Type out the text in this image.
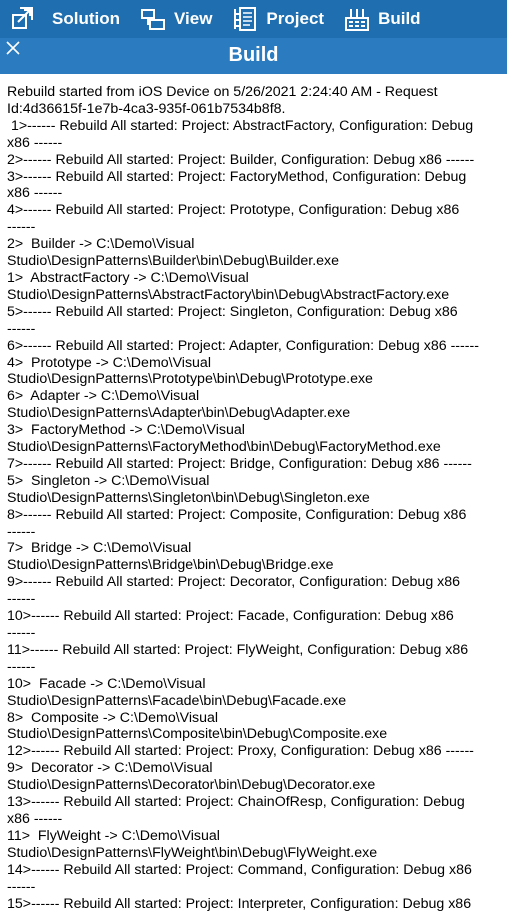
Solution	View	Project	Build
Build
Rebuild started from iOS Device on 5/26/2021 2:24:40 AM - Request
Id:4d36615f-1e7b-4ca3-935f-061b7534b8f8.
1>------ Rebuild All started: Project: AbstractFactory, Configuration: Debug
x86 ------
2>------ Rebuild All started: Project: Builder, Configuration: Debug x86 ------
3>------ Rebuild All started: Project: FactoryMethod, Configuration: Debug
x86 ------
4>------ Rebuild All started: Project: Prototype, Configuration: Debug x86
------
2>  Builder -> C:\Demo\Visual
Studio\DesignPatterns\Builder\bin\Debug\Builder.exe
1>  AbstractFactory -> C:\Demo\Visual
Studio\DesignPatterns\AbstractFactory\bin\Debug\AbstractFactory.exe
5>------ Rebuild All started: Project: Singleton, Configuration: Debug x86
------
6>------ Rebuild All started: Project: Adapter, Configuration: Debug x86 ------
4>  Prototype -> C:\Demo\Visual
Studio\DesignPatterns\Prototype\bin\Debug\Prototype.exe
6>  Adapter -> C:\Demo\Visual
Studio\DesignPatterns\Adapter\bin\Debug\Adapter.exe
3>  FactoryMethod -> C:\Demo\Visual
Studio\DesignPatterns\FactoryMethod\bin\Debug\FactoryMethod.exe
7>------ Rebuild All started: Project: Bridge, Configuration: Debug x86 ------
5>  Singleton -> C:\Demo\Visual
Studio\DesignPatterns\Singleton\bin\Debug\Singleton.exe
8>------ Rebuild All started: Project: Composite, Configuration: Debug x86
------
7>  Bridge -> C:\Demo\Visual
Studio\DesignPatterns\Bridge\bin\Debug\Bridge.exe
9>------ Rebuild All started: Project: Decorator, Configuration: Debug x86
------
10>------ Rebuild All started: Project: Facade, Configuration: Debug x86
------
11>------ Rebuild All started: Project: FlyWeight, Configuration: Debug x86
------
10>  Facade -> C:\Demo\Visual
Studio\DesignPatterns\Facade\bin\Debug\Facade.exe
8>  Composite -> C:\Demo\Visual
Studio\DesignPatterns\Composite\bin\Debug\Composite.exe
12>------ Rebuild All started: Project: Proxy, Configuration: Debug x86 ------
9>  Decorator -> C:\Demo\Visual
Studio\DesignPatterns\Decorator\bin\Debug\Decorator.exe
13>------ Rebuild All started: Project: ChainOfResp, Configuration: Debug
x86 ------
11>  FlyWeight -> C:\Demo\Visual
Studio\DesignPatterns\FlyWeight\bin\Debug\FlyWeight.exe
14>------ Rebuild All started: Project: Command, Configuration: Debug x86
------
15>------ Rebuild All started: Project: Interpreter, Configuration: Debug x86
